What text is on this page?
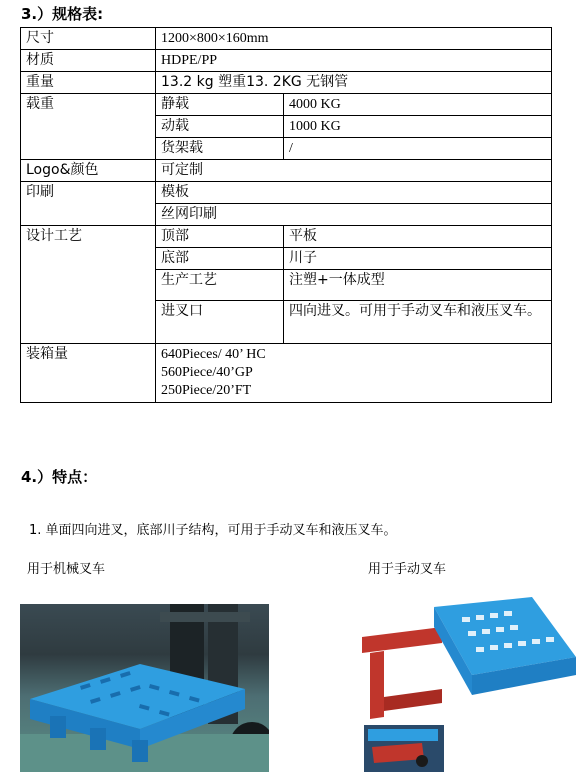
3.）规格表:
尺寸	1200×800×160mm	
材质	HDPE/PP	
重量	13.2 kg 塑重13. 2KG 无钢管	
载重	静载	4000 KG
	动载	1000 KG
	货架载	/
Logo&颜色	可定制	
印刷	模板	
	丝网印刷	
设计工艺	顶部	平板
	底部	川子
	生产工艺	注塑+一体成型
	进叉口	四向进叉。可用于手动叉车和液压叉车。
装箱量	640Pieces/ 40’ HC
560Piece/40’GP
250Piece/20’FT	
4.）特点：
1. 单面四向进叉，底部川子结构，可用于手动叉车和液压叉车。
用于机械叉车	用于手动叉车
